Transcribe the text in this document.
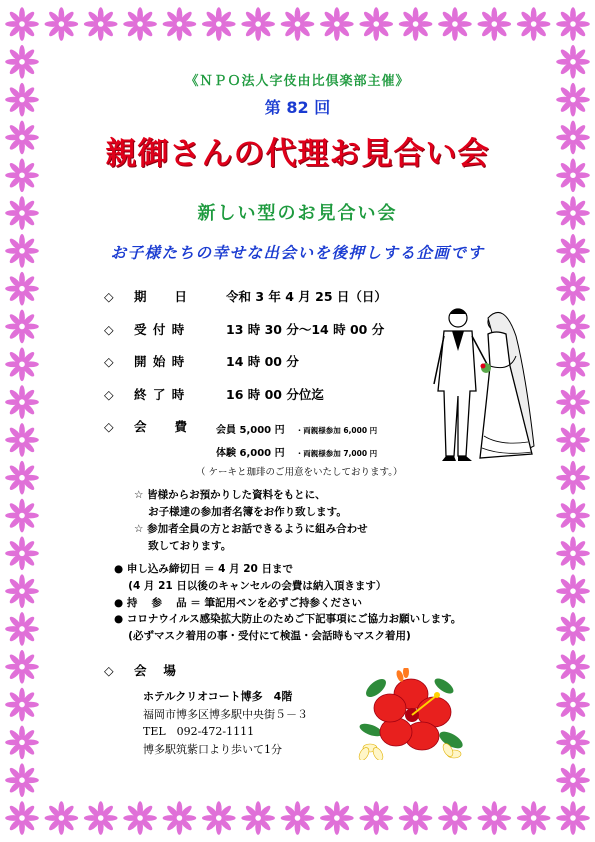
《ＮＰＯ法人字伎由比倶楽部主催》
第 82 回
親御さんの代理お見合い会
新しい型のお見合い会
お子様たちの幸せな出会いを後押しする企画です
◇ 期　　日	令和 3 年 4 月 25 日（日）
◇ 受 付 時	13 時 30 分～14 時 00 分
◇ 開 始 時	14 時 00 分
◇ 終 了 時	16 時 00 分位迄
◇ 会　　費	会員 5,000 円 ・両親様参加 6,000 円
体験 6,000 円 ・両親様参加 7,000 円
（ ケーキと珈琲のご用意をいたしております。）
☆ 皆様からお預かりした資料をもとに、
　 お子様達の参加者名簿をお作り致します。
☆ 参加者全員の方とお話できるように組み合わせ
　 致しております。
● 申し込み締切日 ＝ 4 月 20 日まで
　 (4 月 21 日以後のキャンセルの会費は納入頂きます）
● 持　 参　 品 ＝ 筆記用ペンを必ずご持参ください
● コロナウイルス感染拡大防止のためご下記事項にご協力お願いします。
　 (必ずマスク着用の事・受付にて検温・会話時もマスク着用)
◇ 会　 場
ホテルクリオコート博多　4階
福岡市博多区博多駅中央街５－３
TEL　092-472-1111
博多駅筑紫口より歩いて1分
